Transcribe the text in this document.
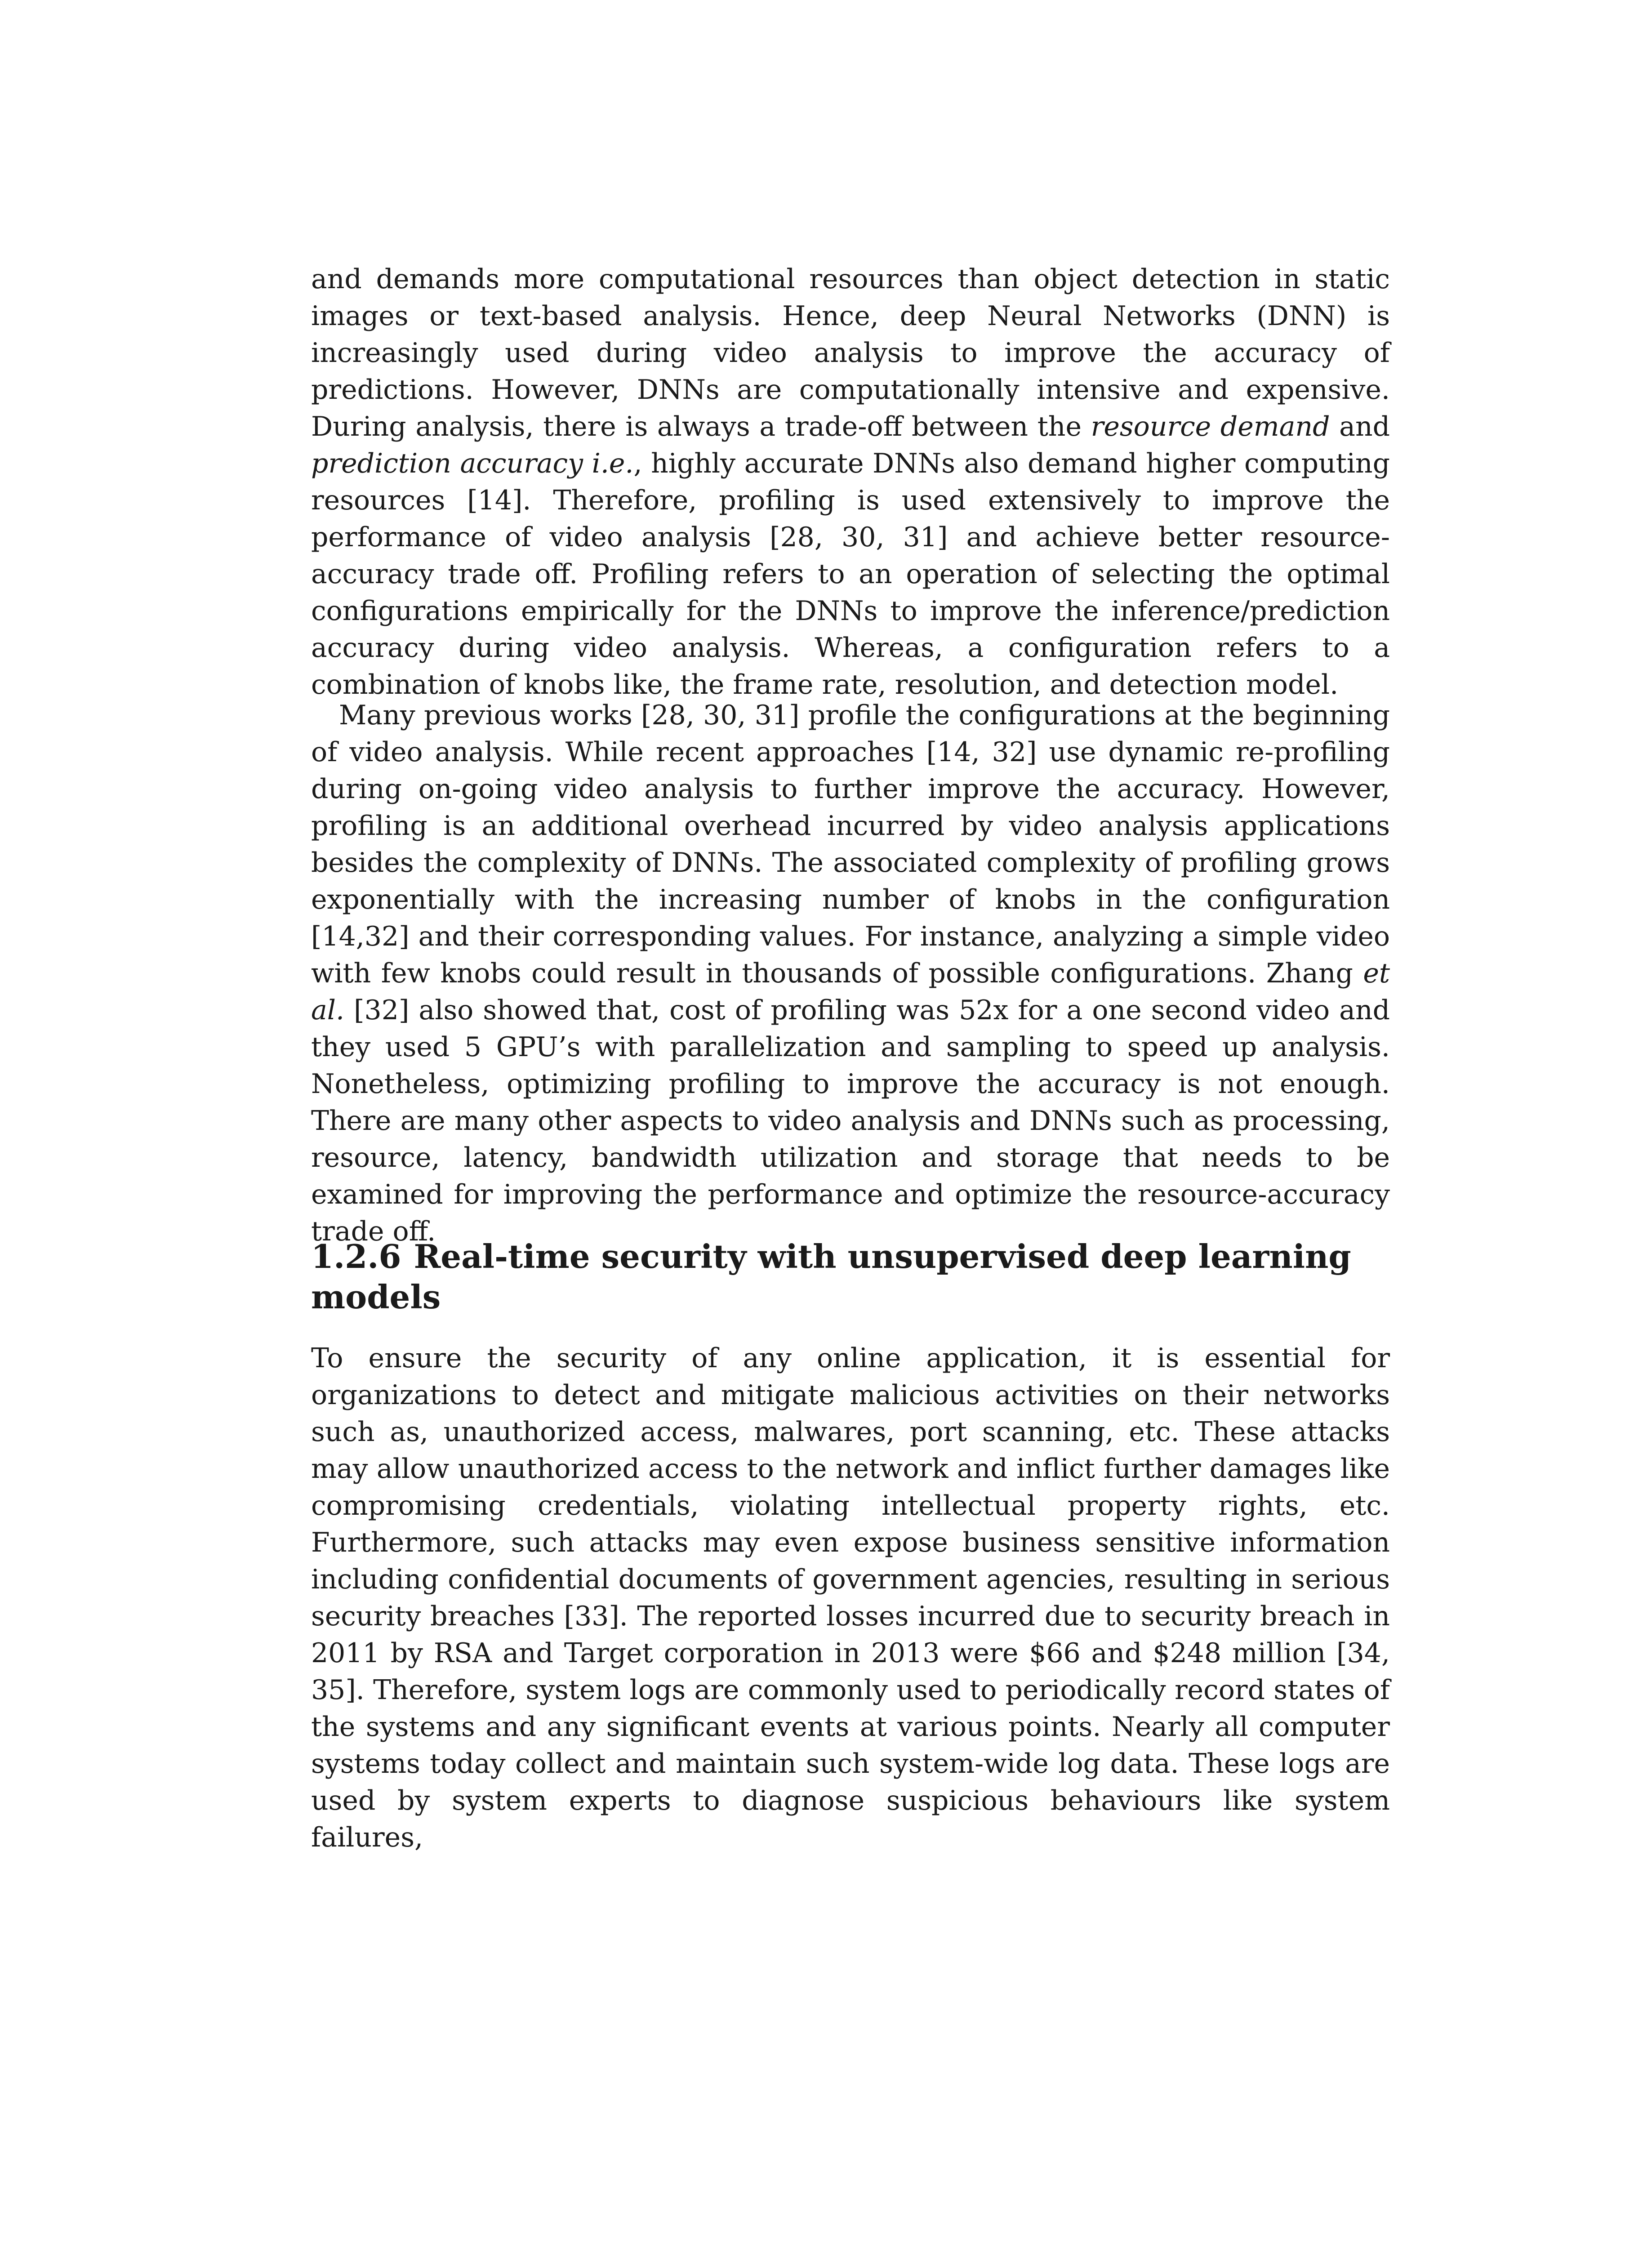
and demands more computational resources than object detection in static images or text-based analysis. Hence, deep Neural Networks (DNN) is increasingly used during video analysis to improve the accuracy of predictions. However, DNNs are computationally intensive and expensive. During analysis, there is always a trade-off between the resource demand and prediction accuracy i.e., highly accurate DNNs also demand higher computing resources [14]. Therefore, profiling is used extensively to improve the performance of video analysis [28, 30, 31] and achieve better resource-accuracy trade off. Profiling refers to an operation of selecting the optimal configurations empirically for the DNNs to improve the inference/prediction accuracy during video analysis. Whereas, a configuration refers to a combination of knobs like, the frame rate, resolution, and detection model.

Many previous works [28, 30, 31] profile the configurations at the beginning of video analysis. While recent approaches [14, 32] use dynamic re-profiling during on-going video analysis to further improve the accuracy. However, profiling is an additional overhead incurred by video analysis applications besides the complexity of DNNs. The associated complexity of profiling grows exponentially with the increasing number of knobs in the configuration [14,32] and their corresponding values. For instance, analyzing a simple video with few knobs could result in thousands of possible configurations. Zhang et al. [32] also showed that, cost of profiling was 52x for a one second video and they used 5 GPU’s with parallelization and sampling to speed up analysis. Nonetheless, optimizing profiling to improve the accuracy is not enough. There are many other aspects to video analysis and DNNs such as processing, resource, latency, bandwidth utilization and storage that needs to be examined for improving the performance and optimize the resource-accuracy trade off.

1.2.6 Real-time security with unsupervised deep learning models

To ensure the security of any online application, it is essential for organizations to detect and mitigate malicious activities on their networks such as, unauthorized access, malwares, port scanning, etc. These attacks may allow unauthorized access to the network and inflict further damages like compromising credentials, violating intellectual property rights, etc. Furthermore, such attacks may even expose business sensitive information including confidential documents of government agencies, resulting in serious security breaches [33]. The reported losses incurred due to security breach in 2011 by RSA and Target corporation in 2013 were $66 and $248 million [34, 35]. Therefore, system logs are commonly used to periodically record states of the systems and any significant events at various points. Nearly all computer systems today collect and maintain such system-wide log data. These logs are used by system experts to diagnose suspicious behaviours like system failures,
